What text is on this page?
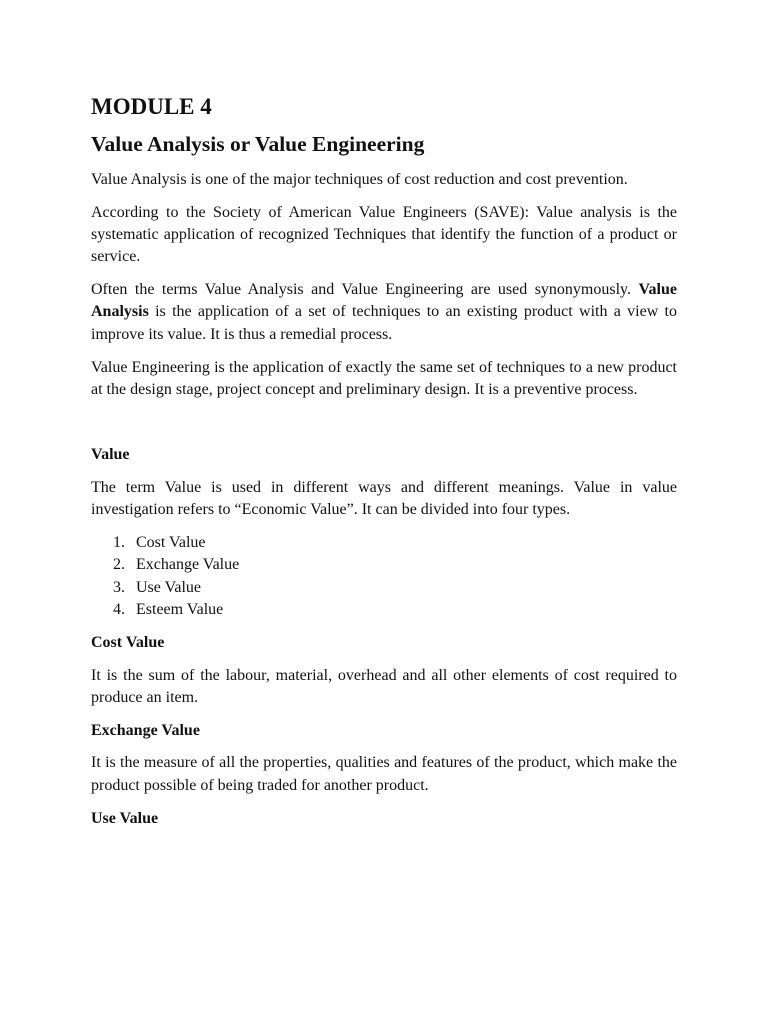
MODULE 4
Value Analysis or Value Engineering

Value Analysis is one of the major techniques of cost reduction and cost prevention.

According to the Society of American Value Engineers (SAVE): Value analysis is the systematic application of recognized Techniques that identify the function of a product or service.

Often the terms Value Analysis and Value Engineering are used synonymously. Value Analysis is the application of a set of techniques to an existing product with a view to improve its value. It is thus a remedial process.

Value Engineering is the application of exactly the same set of techniques to a new product at the design stage, project concept and preliminary design. It is a preventive process.

Value

The term Value is used in different ways and different meanings. Value in value investigation refers to “Economic Value”. It can be divided into four types.

1. Cost Value
2. Exchange Value
3. Use Value
4. Esteem Value
Cost Value

It is the sum of the labour, material, overhead and all other elements of cost required to produce an item.

Exchange Value

It is the measure of all the properties, qualities and features of the product, which make the product possible of being traded for another product.

Use Value
